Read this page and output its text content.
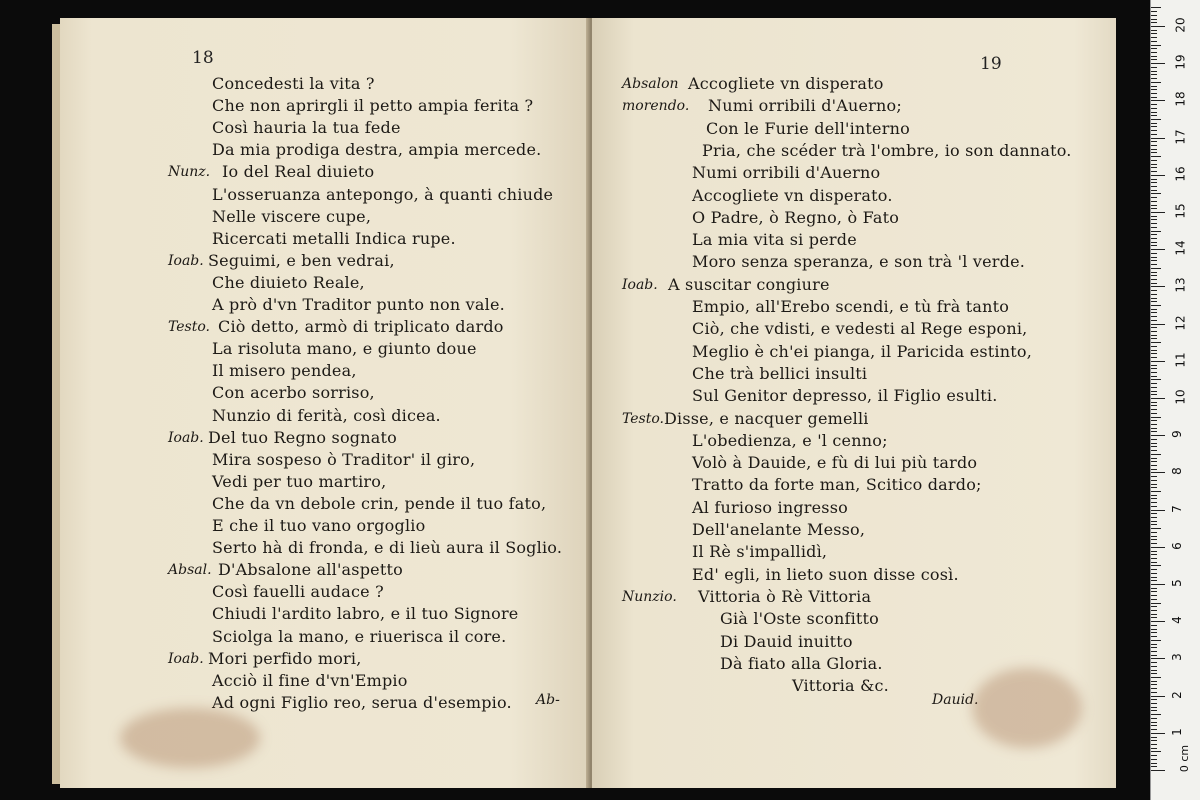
18
Concedesti la vita ?
Che non aprirgli il petto ampia ferita ?
Così hauria la tua fede
Da mia prodiga destra, ampia mercede.
Nunz. Io del Real diuieto
L'osseruanza antepongo, à quanti chiude
Nelle viscere cupe,
Ricercati metalli Indica rupe.
Ioab. Seguimi, e ben vedrai,
Che diuieto Reale,
A prò d'vn Traditor punto non vale.
Testo. Ciò detto, armò di triplicato dardo
La risoluta mano, e giunto doue
Il misero pendea,
Con acerbo sorriso,
Nunzio di ferità, così dicea.
Ioab. Del tuo Regno sognato
Mira sospeso ò Traditor' il giro,
Vedi per tuo martiro,
Che da vn debole crin, pende il tuo fato,
E che il tuo vano orgoglio
Serto hà di fronda, e di lieù aura il Soglio.
Absal. D'Absalone all'aspetto
Così fauelli audace ?
Chiudi l'ardito labro, e il tuo Signore
Sciolga la mano, e riuerisca il core.
Ioab. Mori perfido mori,
Acciò il fine d'vn'Empio
Ad ogni Figlio reo, serua d'esempio. Ab-
19
Absalon Accogliete vn disperato
morendo. Numi orribili d'Auerno;
Con le Furie dell'interno
Pria, che scéder trà l'ombre, io son dannato.
Numi orribili d'Auerno
Accogliete vn disperato.
O Padre, ò Regno, ò Fato
La mia vita si perde
Moro senza speranza, e son trà 'l verde.
Ioab. A suscitar congiure
Empio, all'Erebo scendi, e tù frà tanto
Ciò, che vdisti, e vedesti al Rege esponi,
Meglio è ch'ei pianga, il Paricida estinto,
Che trà bellici insulti
Sul Genitor depresso, il Figlio esulti.
Testo. Disse, e nacquer gemelli
L'obedienza, e 'l cenno;
Volò à Dauide, e fù di lui più tardo
Tratto da forte man, Scitico dardo;
Al furioso ingresso
Dell'anelante Messo,
Il Rè s'impallidì,
Ed' egli, in lieto suon disse così.
Nunzio. Vittoria ò Rè Vittoria
Già l'Oste sconfitto
Di Dauid inuitto
Dà fiato alla Gloria.
Vittoria &c.
Dauid.
1
2
3
4
5
6
7
8
9
10
11
12
13
14
15
16
17
18
19
20
0 cm
